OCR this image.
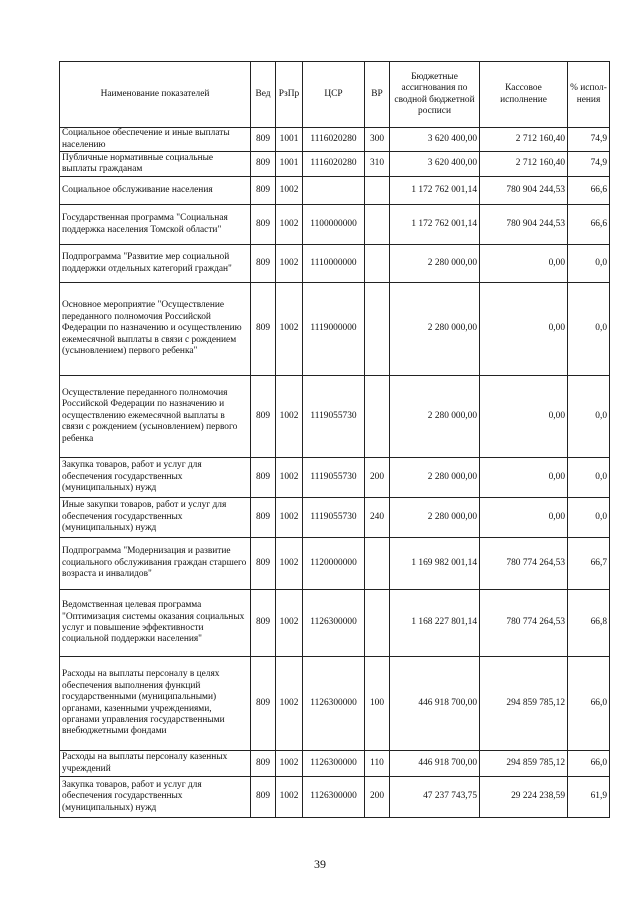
Наименование показателей	Вед	РзПр	ЦСР	ВР	Бюджетные ассигнования по сводной бюджетной росписи	Кассовое исполнение	% испол-нения
Социальное обеспечение и иные выплаты населению	809	1001	1116020280	300	3 620 400,00	2 712 160,40	74,9
Публичные нормативные социальные выплаты гражданам	809	1001	1116020280	310	3 620 400,00	2 712 160,40	74,9
Социальное обслуживание населения	809	1002			1 172 762 001,14	780 904 244,53	66,6
Государственная программа "Социальная поддержка населения Томской области"	809	1002	1100000000		1 172 762 001,14	780 904 244,53	66,6
Подпрограмма "Развитие мер социальной поддержки отдельных категорий граждан"	809	1002	1110000000		2 280 000,00	0,00	0,0
Основное мероприятие "Осуществление переданного полномочия Российской Федерации по назначению и осуществлению ежемесячной выплаты в связи с рождением (усыновлением) первого ребенка"	809	1002	1119000000		2 280 000,00	0,00	0,0
Осуществление переданного полномочия Российской Федерации по назначению и осуществлению ежемесячной выплаты в связи с рождением (усыновлением) первого ребенка	809	1002	1119055730		2 280 000,00	0,00	0,0
Закупка товаров, работ и услуг для обеспечения государственных (муниципальных) нужд	809	1002	1119055730	200	2 280 000,00	0,00	0,0
Иные закупки товаров, работ и услуг для обеспечения государственных (муниципальных) нужд	809	1002	1119055730	240	2 280 000,00	0,00	0,0
Подпрограмма "Модернизация и развитие социального обслуживания граждан старшего возраста и инвалидов"	809	1002	1120000000		1 169 982 001,14	780 774 264,53	66,7
Ведомственная целевая программа "Оптимизация системы оказания социальных услуг и повышение эффективности социальной поддержки населения"	809	1002	1126300000		1 168 227 801,14	780 774 264,53	66,8
Расходы на выплаты персоналу в целях обеспечения выполнения функций государственными (муниципальными) органами, казенными учреждениями, органами управления государственными внебюджетными фондами	809	1002	1126300000	100	446 918 700,00	294 859 785,12	66,0
Расходы на выплаты персоналу казенных учреждений	809	1002	1126300000	110	446 918 700,00	294 859 785,12	66,0
Закупка товаров, работ и услуг для обеспечения государственных (муниципальных) нужд	809	1002	1126300000	200	47 237 743,75	29 224 238,59	61,9
39
